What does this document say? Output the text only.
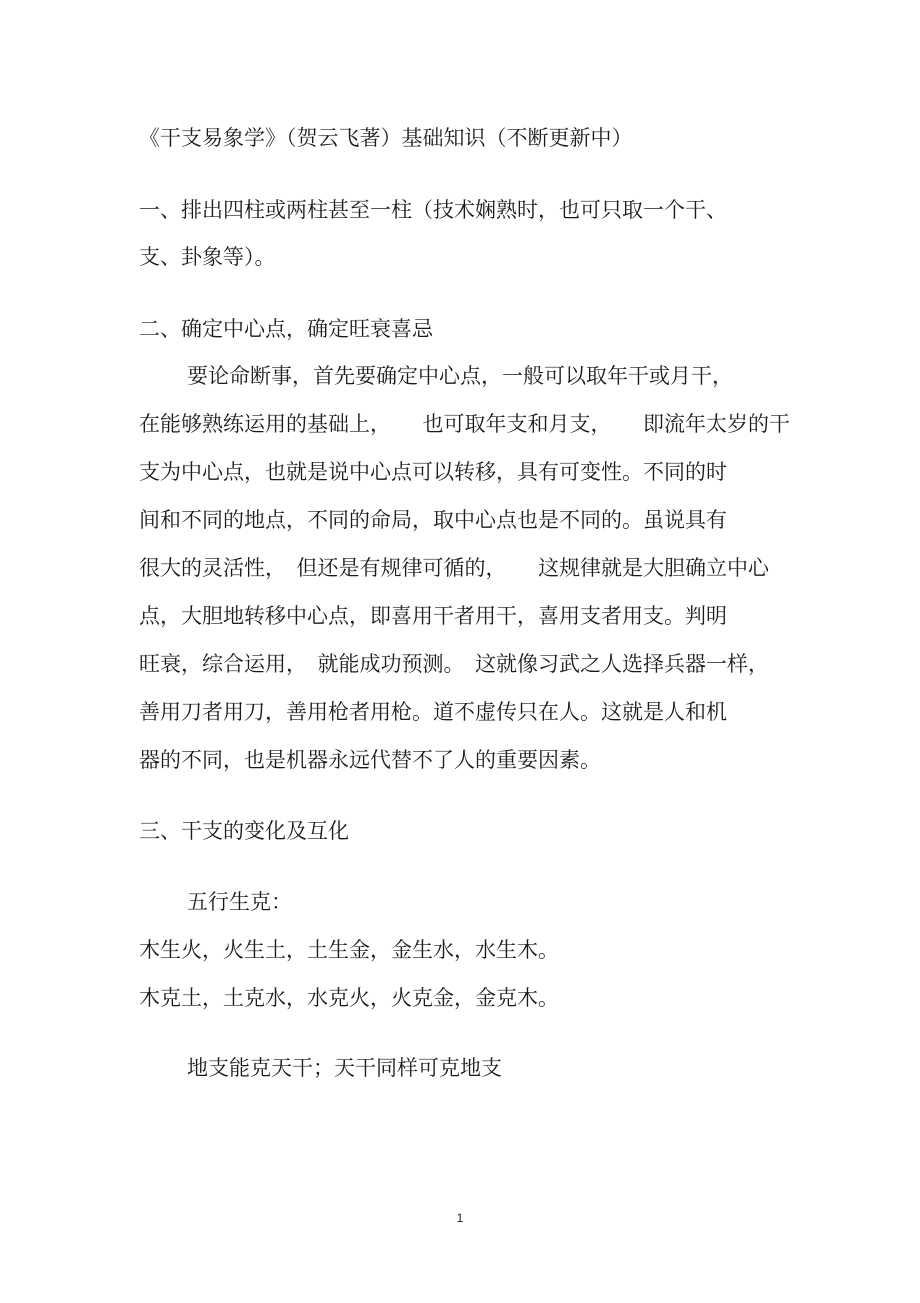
《干支易象学》（贺云飞著）基础知识（不断更新中）

一、排出四柱或两柱甚至一柱（技术娴熟时，也可只取一个干、

支、卦象等）。

二、确定中心点，确定旺衰喜忌

要论命断事，首先要确定中心点，一般可以取年干或月干，

在能够熟练运用的基础上，　　也可取年支和月支，　　即流年太岁的干

支为中心点，也就是说中心点可以转移，具有可变性。不同的时

间和不同的地点，不同的命局，取中心点也是不同的。虽说具有

很大的灵活性，　但还是有规律可循的，　　这规律就是大胆确立中心

点，大胆地转移中心点，即喜用干者用干，喜用支者用支。判明

旺衰，综合运用，　就能成功预测。　这就像习武之人选择兵器一样，

善用刀者用刀，善用枪者用枪。道不虚传只在人。这就是人和机

器的不同，也是机器永远代替不了人的重要因素。

三、干支的变化及互化

五行生克：

木生火，火生土，土生金，金生水，水生木。

木克土，土克水，水克火，火克金，金克木。

地支能克天干；天干同样可克地支

1
